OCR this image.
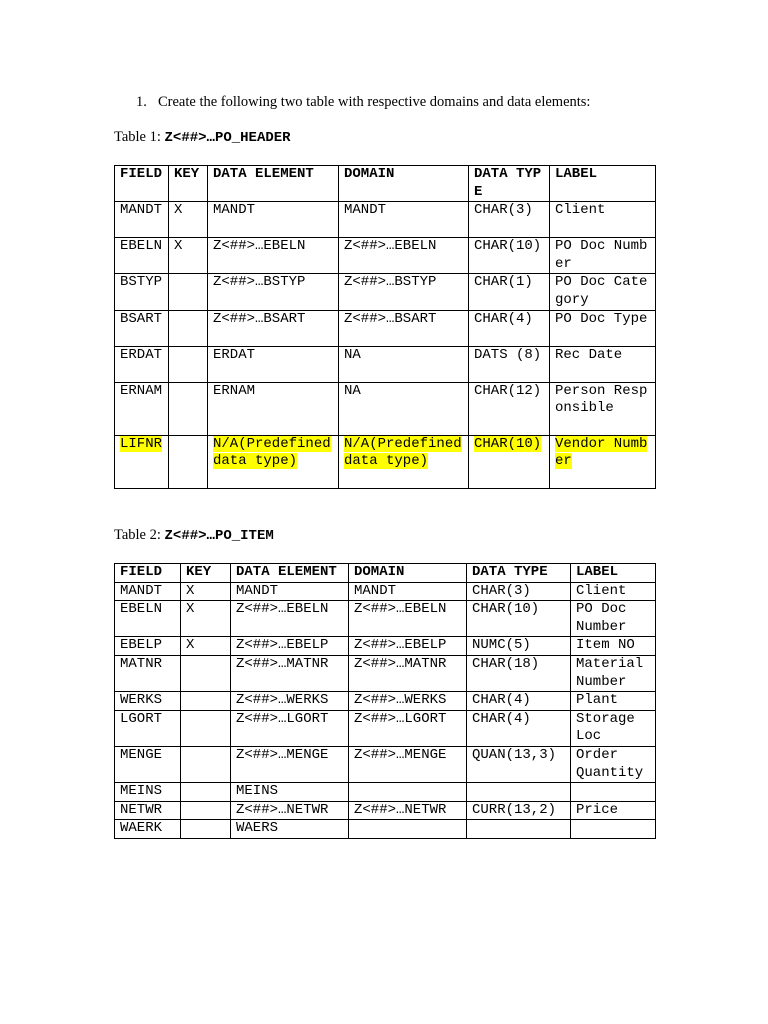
1. Create the following two table with respective domains and data elements:
Table 1: Z<##>…PO_HEADER
FIELD	KEY	DATA ELEMENT	DOMAIN	DATA TYPE	LABEL
MANDT	X	MANDT	MANDT	CHAR(3)	Client
EBELN	X	Z<##>…EBELN	Z<##>…EBELN	CHAR(10)	PO Doc Number
BSTYP		Z<##>…BSTYP	Z<##>…BSTYP	CHAR(1)	PO Doc Category
BSART		Z<##>…BSART	Z<##>…BSART	CHAR(4)	PO Doc Type
ERDAT		ERDAT	NA	DATS (8)	Rec Date
ERNAM		ERNAM	NA	CHAR(12)	Person Responsible
LIFNR		N/A(Predefined data type)	N/A(Predefined data type)	CHAR(10)	Vendor Number
Table 2: Z<##>…PO_ITEM
FIELD	KEY	DATA ELEMENT	DOMAIN	DATA TYPE	LABEL
MANDT	X	MANDT	MANDT	CHAR(3)	Client
EBELN	X	Z<##>…EBELN	Z<##>…EBELN	CHAR(10)	PO Doc Number
EBELP	X	Z<##>…EBELP	Z<##>…EBELP	NUMC(5)	Item NO
MATNR		Z<##>…MATNR	Z<##>…MATNR	CHAR(18)	Material Number
WERKS		Z<##>…WERKS	Z<##>…WERKS	CHAR(4)	Plant
LGORT		Z<##>…LGORT	Z<##>…LGORT	CHAR(4)	Storage Loc
MENGE		Z<##>…MENGE	Z<##>…MENGE	QUAN(13,3)	Order Quantity
MEINS		MEINS			
NETWR		Z<##>…NETWR	Z<##>…NETWR	CURR(13,2)	Price
WAERK		WAERS			
